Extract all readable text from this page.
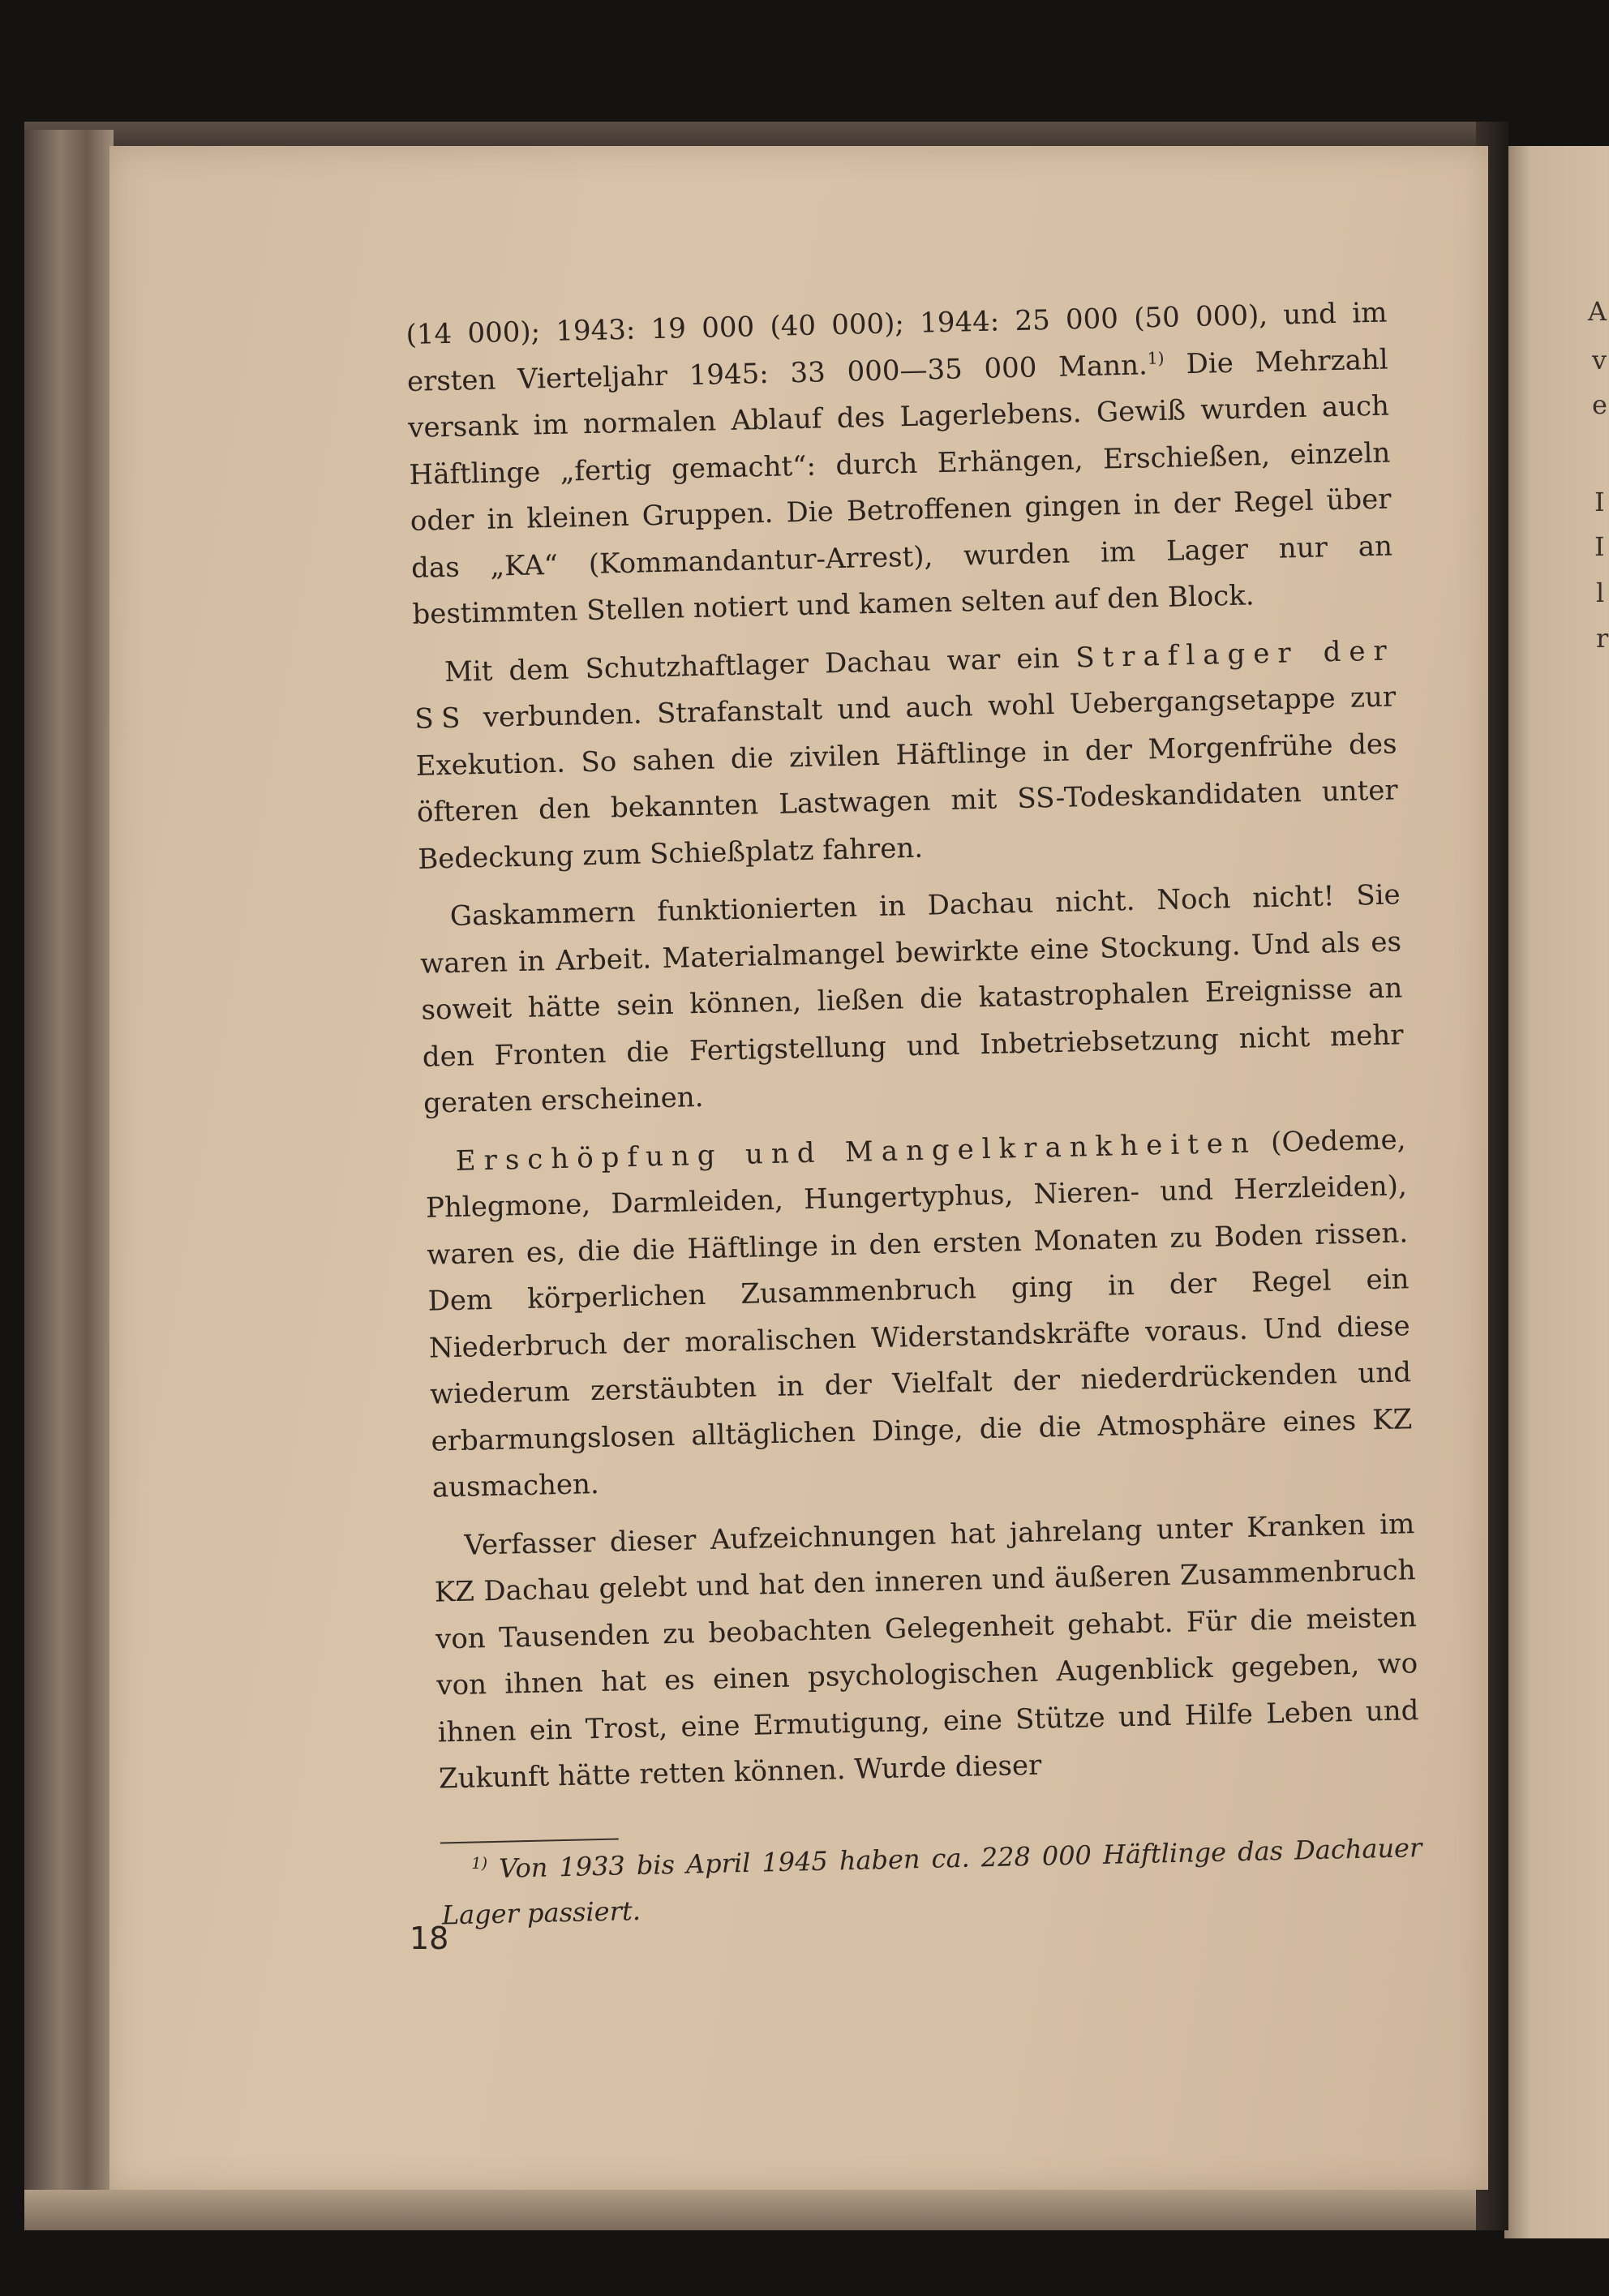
(14 000); 1943: 19 000 (40 000); 1944: 25 000 (50 000), und im ersten Vierteljahr 1945: 33 000—35 000 Mann.$^{1)}$ Die Mehrzahl versank im normalen Ablauf des Lagerlebens. Gewiß wurden auch Häftlinge „fertig gemacht“: durch Erhängen, Erschießen, einzeln oder in kleinen Gruppen. Die Betroffenen gingen in der Regel über das „KA“ (Kommandantur-Arrest), wurden im Lager nur an bestimmten Stellen notiert und kamen selten auf den Block.

Mit dem Schutzhaftlager Dachau war ein Straflager der SS verbunden. Strafanstalt und auch wohl Uebergangsetappe zur Exekution. So sahen die zivilen Häftlinge in der Morgenfrühe des öfteren den bekannten Lastwagen mit SS-Todeskandidaten unter Bedeckung zum Schießplatz fahren.

Gaskammern funktionierten in Dachau nicht. Noch nicht! Sie waren in Arbeit. Materialmangel bewirkte eine Stockung. Und als es soweit hätte sein können, ließen die katastrophalen Ereignisse an den Fronten die Fertigstellung und Inbetriebsetzung nicht mehr geraten erscheinen.

Erschöpfung und Mangelkrankheiten (Oedeme, Phlegmone, Darmleiden, Hungertyphus, Nieren- und Herzleiden), waren es, die die Häftlinge in den ersten Monaten zu Boden rissen. Dem körperlichen Zusammenbruch ging in der Regel ein Niederbruch der moralischen Widerstandskräfte voraus. Und diese wiederum zerstäubten in der Vielfalt der niederdrückenden und erbarmungslosen alltäglichen Dinge, die die Atmosphäre eines KZ ausmachen.

Verfasser dieser Aufzeichnungen hat jahrelang unter Kranken im KZ Dachau gelebt und hat den inneren und äußeren Zusammenbruch von Tausenden zu beobachten Gelegenheit gehabt. Für die meisten von ihnen hat es einen psychologischen Augenblick gegeben, wo ihnen ein Trost, eine Ermutigung, eine Stütze und Hilfe Leben und Zukunft hätte retten können. Wurde dieser

$^{1)}$ Von 1933 bis April 1945 haben ca. 228 000 Häftlinge das Dachauer Lager passiert.

18
A
v
e
I
I
l
r
